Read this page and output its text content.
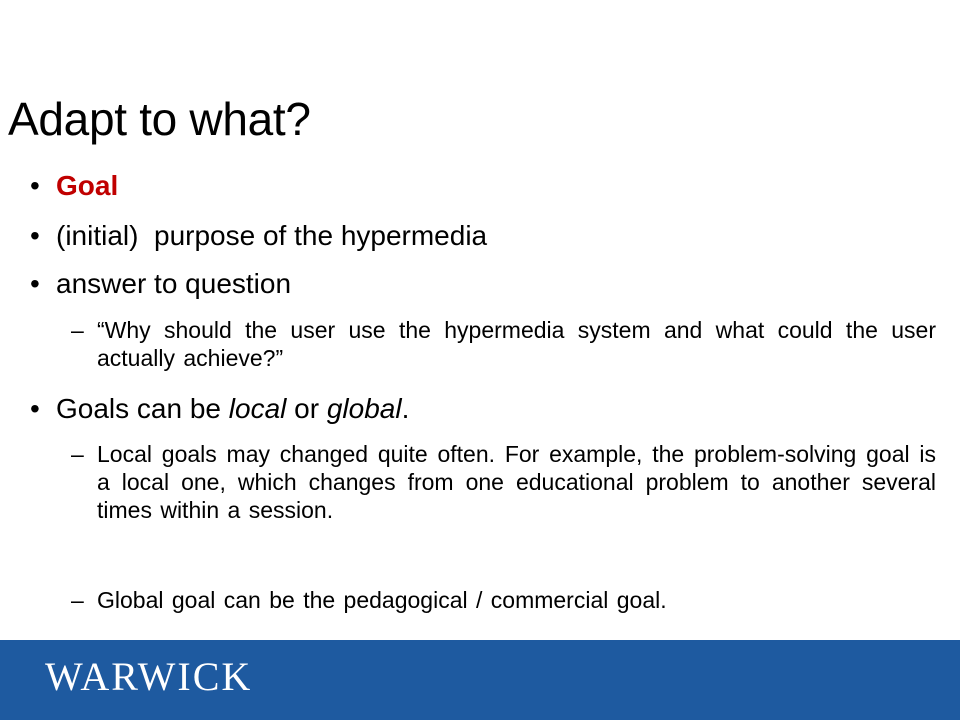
Adapt to what?
• Goal
• (initial)  purpose of the hypermedia
• answer to question
– “Why should the user use the hypermedia system and what could the user actually achieve?”
• Goals can be local or global.
– Local goals may changed quite often. For example, the problem-solving goal is a local one, which changes from one educational problem to another several times within a session.
– Global goal can be the pedagogical / commercial goal.
WARWICK
